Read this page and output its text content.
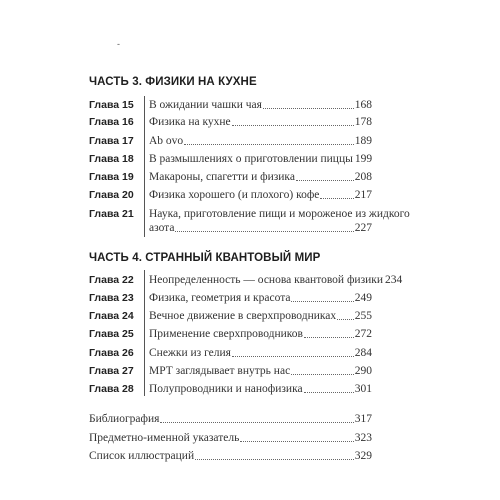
-
ЧАСТЬ 3. ФИЗИКИ НА КУХНЕ
Глава 15 В ожидании чашки чая	168
Глава 16 Физика на кухне	178
Глава 17 Ab ovo	189
Глава 18 В размышлениях о приготовлении пиццы 199
Глава 19 Макароны, спагетти и физика	208
Глава 20 Физика хорошего (и плохого) кофе	217
Глава 21 Наука, приготовление пищи и мороженое из жидкого
азота	227
ЧАСТЬ 4. СТРАННЫЙ КВАНТОВЫЙ МИР
Глава 22 Неопределенность — основа квантовой физики 234
Глава 23 Физика, геометрия и красота	249
Глава 24 Вечное движение в сверхпроводниках 255
Глава 25 Применение сверхпроводников	272
Глава 26 Снежки из гелия	284
Глава 27 МРТ заглядывает внутрь нас	290
Глава 28 Полупроводники и нанофизика	301
Библиография	317
Предметно-именной указатель	323
Список иллюстраций	329
